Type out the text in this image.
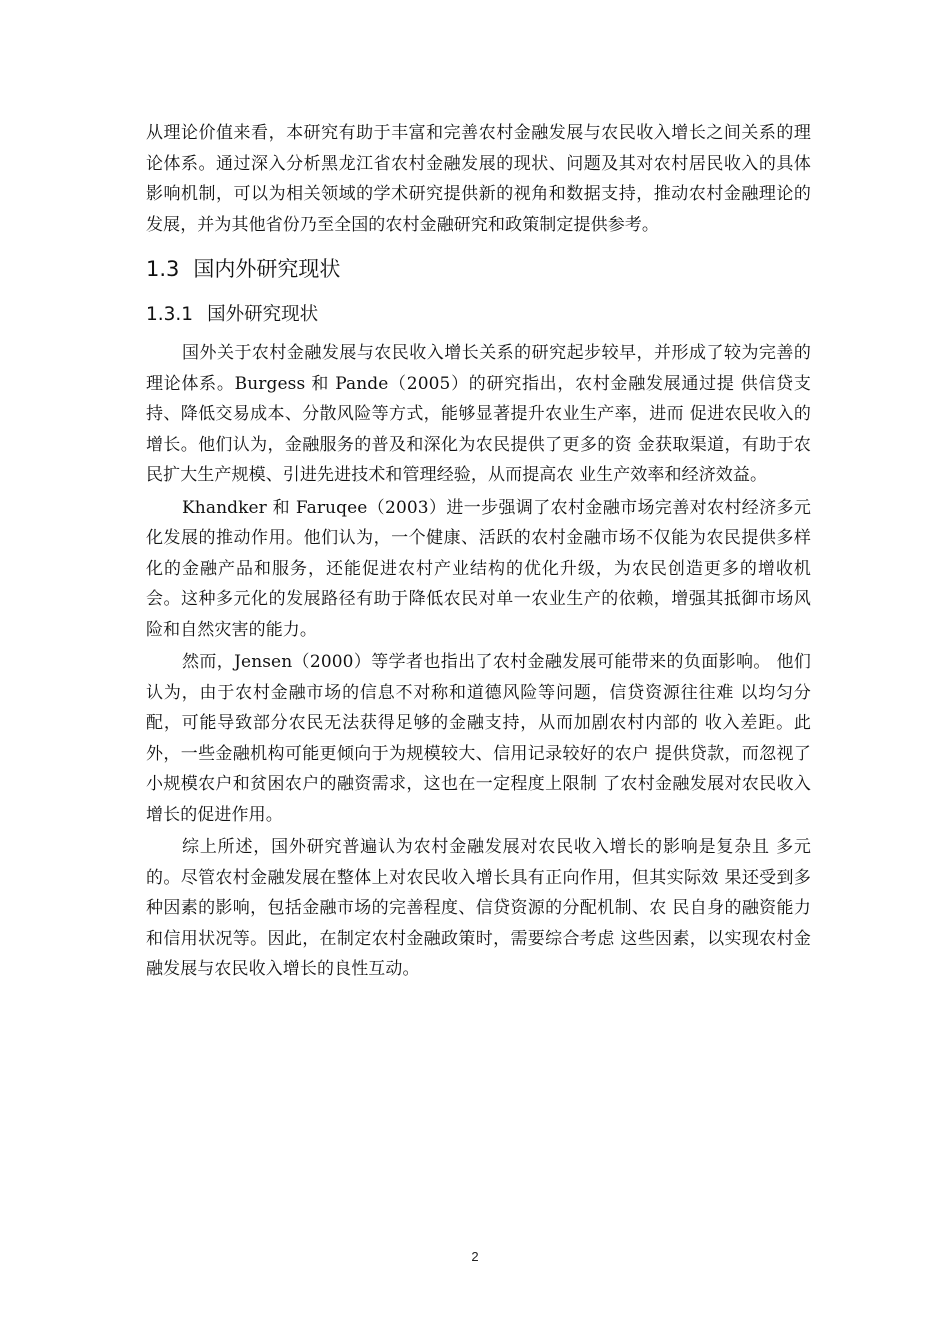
从理论价值来看，本研究有助于丰富和完善农村金融发展与农民收入增长之间关系的理论体系。通过深入分析黑龙江省农村金融发展的现状、问题及其对农村居民收入的具体影响机制，可以为相关领域的学术研究提供新的视角和数据支持，推动农村金融理论的发展，并为其他省份乃至全国的农村金融研究和政策制定提供参考。

1.3 国内外研究现状
1.3.1 国外研究现状

国外关于农村金融发展与农民收入增长关系的研究起步较早，并形成了较为完善的理论体系。Burgess 和 Pande（2005）的研究指出，农村金融发展通过提 供信贷支持、降低交易成本、分散风险等方式，能够显著提升农业生产率，进而 促进农民收入的增长。他们认为，金融服务的普及和深化为农民提供了更多的资 金获取渠道，有助于农民扩大生产规模、引进先进技术和管理经验，从而提高农 业生产效率和经济效益。

Khandker 和 Faruqee（2003）进一步强调了农村金融市场完善对农村经济多元化发展的推动作用。他们认为，一个健康、活跃的农村金融市场不仅能为农民提供多样化的金融产品和服务，还能促进农村产业结构的优化升级，为农民创造更多的增收机会。这种多元化的发展路径有助于降低农民对单一农业生产的依赖，增强其抵御市场风险和自然灾害的能力。

然而，Jensen（2000）等学者也指出了农村金融发展可能带来的负面影响。 他们认为，由于农村金融市场的信息不对称和道德风险等问题，信贷资源往往难 以均匀分配，可能导致部分农民无法获得足够的金融支持，从而加剧农村内部的 收入差距。此外，一些金融机构可能更倾向于为规模较大、信用记录较好的农户 提供贷款，而忽视了小规模农户和贫困农户的融资需求，这也在一定程度上限制 了农村金融发展对农民收入增长的促进作用。

综上所述，国外研究普遍认为农村金融发展对农民收入增长的影响是复杂且 多元的。尽管农村金融发展在整体上对农民收入增长具有正向作用，但其实际效 果还受到多种因素的影响，包括金融市场的完善程度、信贷资源的分配机制、农 民自身的融资能力和信用状况等。因此，在制定农村金融政策时，需要综合考虑 这些因素，以实现农村金融发展与农民收入增长的良性互动。

2
